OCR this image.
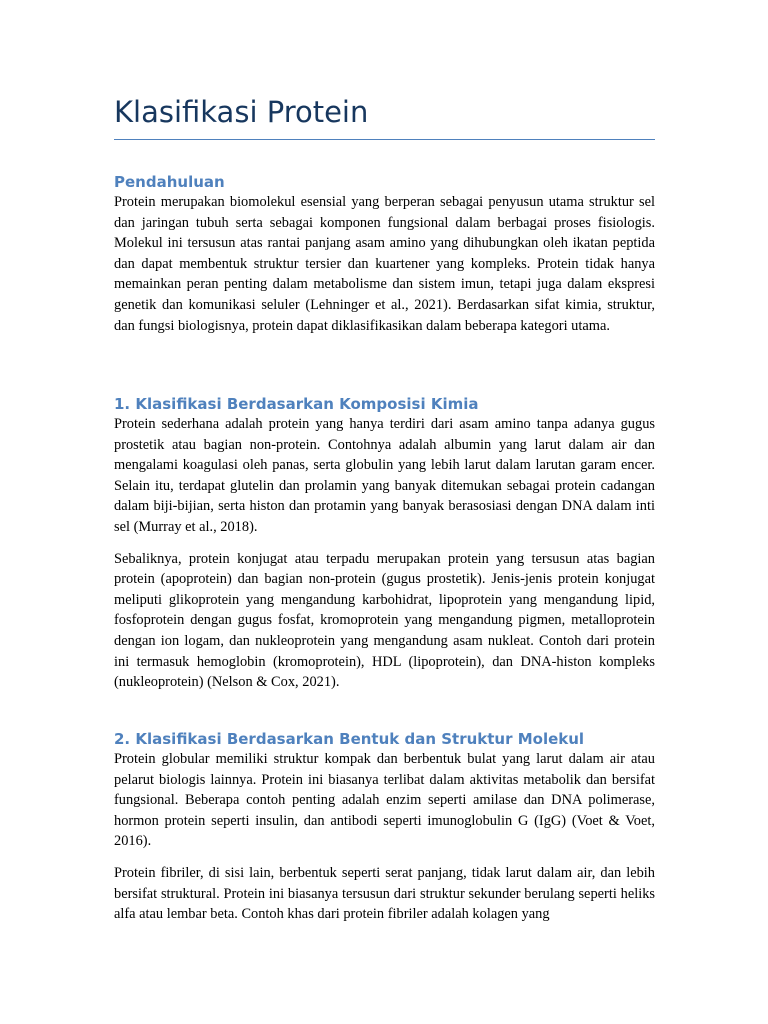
Klasifikasi Protein
Pendahuluan

Protein merupakan biomolekul esensial yang berperan sebagai penyusun utama struktur sel dan jaringan tubuh serta sebagai komponen fungsional dalam berbagai proses fisiologis. Molekul ini tersusun atas rantai panjang asam amino yang dihubungkan oleh ikatan peptida dan dapat membentuk struktur tersier dan kuartener yang kompleks. Protein tidak hanya memainkan peran penting dalam metabolisme dan sistem imun, tetapi juga dalam ekspresi genetik dan komunikasi seluler (Lehninger et al., 2021). Berdasarkan sifat kimia, struktur, dan fungsi biologisnya, protein dapat diklasifikasikan dalam beberapa kategori utama.

1. Klasifikasi Berdasarkan Komposisi Kimia

Protein sederhana adalah protein yang hanya terdiri dari asam amino tanpa adanya gugus prostetik atau bagian non-protein. Contohnya adalah albumin yang larut dalam air dan mengalami koagulasi oleh panas, serta globulin yang lebih larut dalam larutan garam encer. Selain itu, terdapat glutelin dan prolamin yang banyak ditemukan sebagai protein cadangan dalam biji-bijian, serta histon dan protamin yang banyak berasosiasi dengan DNA dalam inti sel (Murray et al., 2018).

Sebaliknya, protein konjugat atau terpadu merupakan protein yang tersusun atas bagian protein (apoprotein) dan bagian non-protein (gugus prostetik). Jenis-jenis protein konjugat meliputi glikoprotein yang mengandung karbohidrat, lipoprotein yang mengandung lipid, fosfoprotein dengan gugus fosfat, kromoprotein yang mengandung pigmen, metalloprotein dengan ion logam, dan nukleoprotein yang mengandung asam nukleat. Contoh dari protein ini termasuk hemoglobin (kromoprotein), HDL (lipoprotein), dan DNA-histon kompleks (nukleoprotein) (Nelson & Cox, 2021).

2. Klasifikasi Berdasarkan Bentuk dan Struktur Molekul

Protein globular memiliki struktur kompak dan berbentuk bulat yang larut dalam air atau pelarut biologis lainnya. Protein ini biasanya terlibat dalam aktivitas metabolik dan bersifat fungsional. Beberapa contoh penting adalah enzim seperti amilase dan DNA polimerase, hormon protein seperti insulin, dan antibodi seperti imunoglobulin G (IgG) (Voet & Voet, 2016).

Protein fibriler, di sisi lain, berbentuk seperti serat panjang, tidak larut dalam air, dan lebih bersifat struktural. Protein ini biasanya tersusun dari struktur sekunder berulang seperti heliks alfa atau lembar beta. Contoh khas dari protein fibriler adalah kolagen yang
